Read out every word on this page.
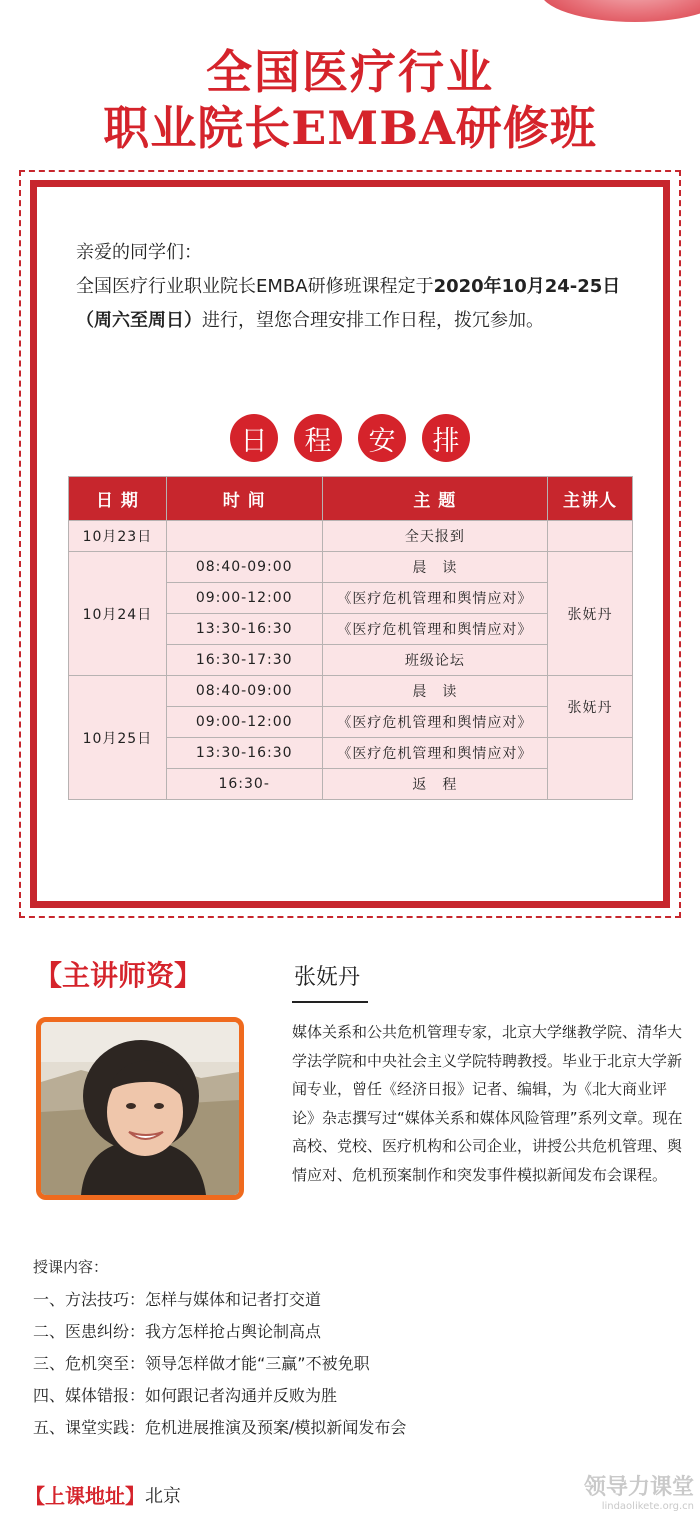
全国医疗行业
职业院长EMBA研修班
亲爱的同学们：
全国医疗行业职业院长EMBA研修班课程定于2020年10月24-25日（周六至周日）进行，望您合理安排工作日程，拨冗参加。
日	程	安	排
日 期	时 间	主 题	主讲人
10月23日		全天报到	
10月24日	08:40-09:00	晨　读	张妩丹
	09:00-12:00	《医疗危机管理和舆情应对》	
	13:30-16:30	《医疗危机管理和舆情应对》	
	16:30-17:30	班级论坛	
10月25日	08:40-09:00	晨　读	张妩丹
	09:00-12:00	《医疗危机管理和舆情应对》	
	13:30-16:30	《医疗危机管理和舆情应对》	
	16:30-	返　程	
【主讲师资】	张妩丹
媒体关系和公共危机管理专家，北京大学继教学院、清华大学法学院和中央社会主义学院特聘教授。毕业于北京大学新闻专业，曾任《经济日报》记者、编辑，为《北大商业评论》杂志撰写过“媒体关系和媒体风险管理”系列文章。现在高校、党校、医疗机构和公司企业，讲授公共危机管理、舆情应对、危机预案制作和突发事件模拟新闻发布会课程。
授课内容：
一、方法技巧：怎样与媒体和记者打交道
二、医患纠纷：我方怎样抢占舆论制高点
三、危机突至：领导怎样做才能“三赢”不被免职
四、媒体错报：如何跟记者沟通并反败为胜
五、课堂实践：危机进展推演及预案/模拟新闻发布会
【上课地址】 北京	领导力课堂
lindaolikete.org.cn
